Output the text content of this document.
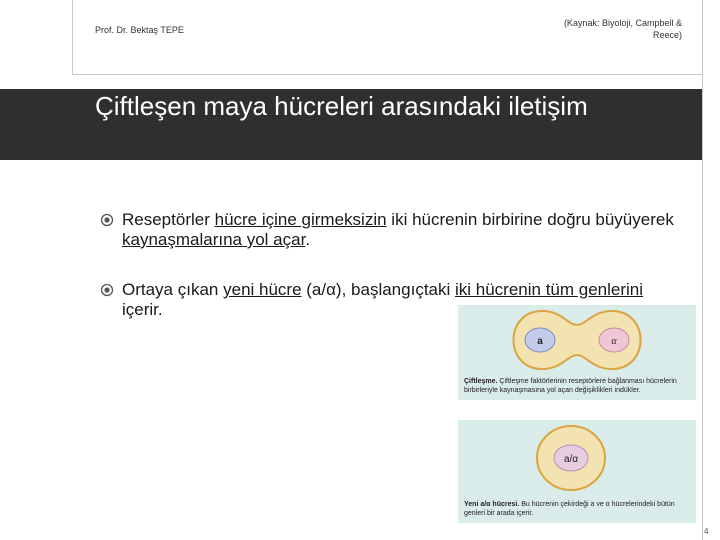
Prof. Dr. Bektaş TEPE
(Kaynak: Biyoloji, Campbell & Reece)
Çiftleşen maya hücreleri arasındaki iletişim
Reseptörler hücre içine girmeksizin iki hücrenin birbirine doğru büyüyerek kaynaşmalarına yol açar.
Ortaya çıkan yeni hücre (a/α), başlangıçtaki iki hücrenin tüm genlerini içerir.
a	α
Çiftleşme. Çiftleşme faktörlerinin reseptörlere bağlanması hücrelerin birbirleriyle kaynaşmasına yol açan değişiklikleri indükler.
a/α
Yeni a/α hücresi. Bu hücrenin çekirdeği a ve α hücrelerindeki bütün genleri bir arada içerir.
4
